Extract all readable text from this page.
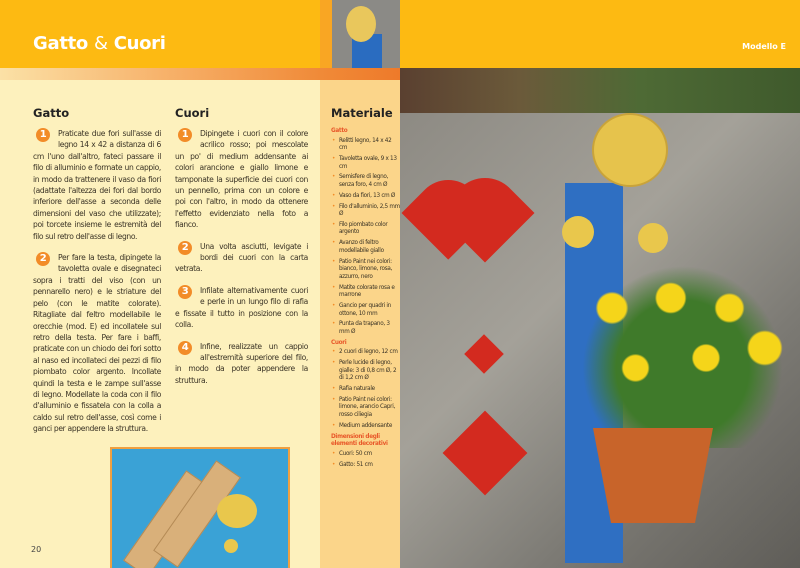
Gatto & Cuori	Modello E
Gatto
1	Praticate due fori sull'asse di legno 14 x 42 a distanza di 6 cm l'uno dall'altro, fateci passare il filo di alluminio e formate un cappio, in modo da trattenere il vaso da fiori (adattate l'altezza dei fori dal bordo inferiore dell'asse a seconda delle dimensioni del vaso che utilizzate); poi torcete insieme le estremità del filo sul retro dell'asse di legno.
2	Per fare la testa, dipingete la tavoletta ovale e disegnateci sopra i tratti del viso (con un pennarello nero) e le striature del pelo (con le matite colorate). Ritagliate dal feltro modellabile le orecchie (mod. E) ed incollatele sul retro della testa. Per fare i baffi, praticate con un chiodo dei fori sotto al naso ed incollateci dei pezzi di filo piombato color argento. Incollate quindi la testa e le zampe sull'asse di legno. Modellate la coda con il filo d'alluminio e fissatela con la colla a caldo sul retro dell'asse, così come i ganci per appendere la struttura.
Cuori
1	Dipingete i cuori con il colore acrilico rosso; poi mescolate un po' di medium addensante ai colori arancione e giallo limone e tamponate la superficie dei cuori con un pennello, prima con un colore e poi con l'altro, in modo da ottenere l'effetto evidenziato nella foto a fianco.
2	Una volta asciutti, levigate i bordi dei cuori con la carta vetrata.
3	Infilate alternativamente cuori e perle in un lungo filo di rafia e fissate il tutto in posizione con la colla.
4	Infine, realizzate un cappio all'estremità superiore del filo, in modo da poter appendere la struttura.
Materiale
Gatto
• Relitti legno, 14 x 42 cm
• Tavoletta ovale, 9 x 13 cm
• Semisfere di legno, senza foro, 4 cm Ø
• Vaso da fiori, 13 cm Ø
• Filo d'alluminio, 2,5 mm Ø
• Filo piombato color argento
• Avanzo di feltro modellabile giallo
• Patio Paint nei colori: bianco, limone, rosa, azzurro, nero
• Matite colorate rosa e marrone
• Gancio per quadri in ottone, 10 mm
• Punta da trapano, 3 mm Ø
Cuori
• 2 cuori di legno, 12 cm
• Perle lucide di legno, gialle: 3 di 0,8 cm Ø, 2 di 1,2 cm Ø
• Rafia naturale
• Patio Paint nei colori: limone, arancio Capri, rosso ciliegia
• Medium addensante
Dimensioni degli elementi decorativi
• Cuori: 50 cm
• Gatto: 51 cm
20
